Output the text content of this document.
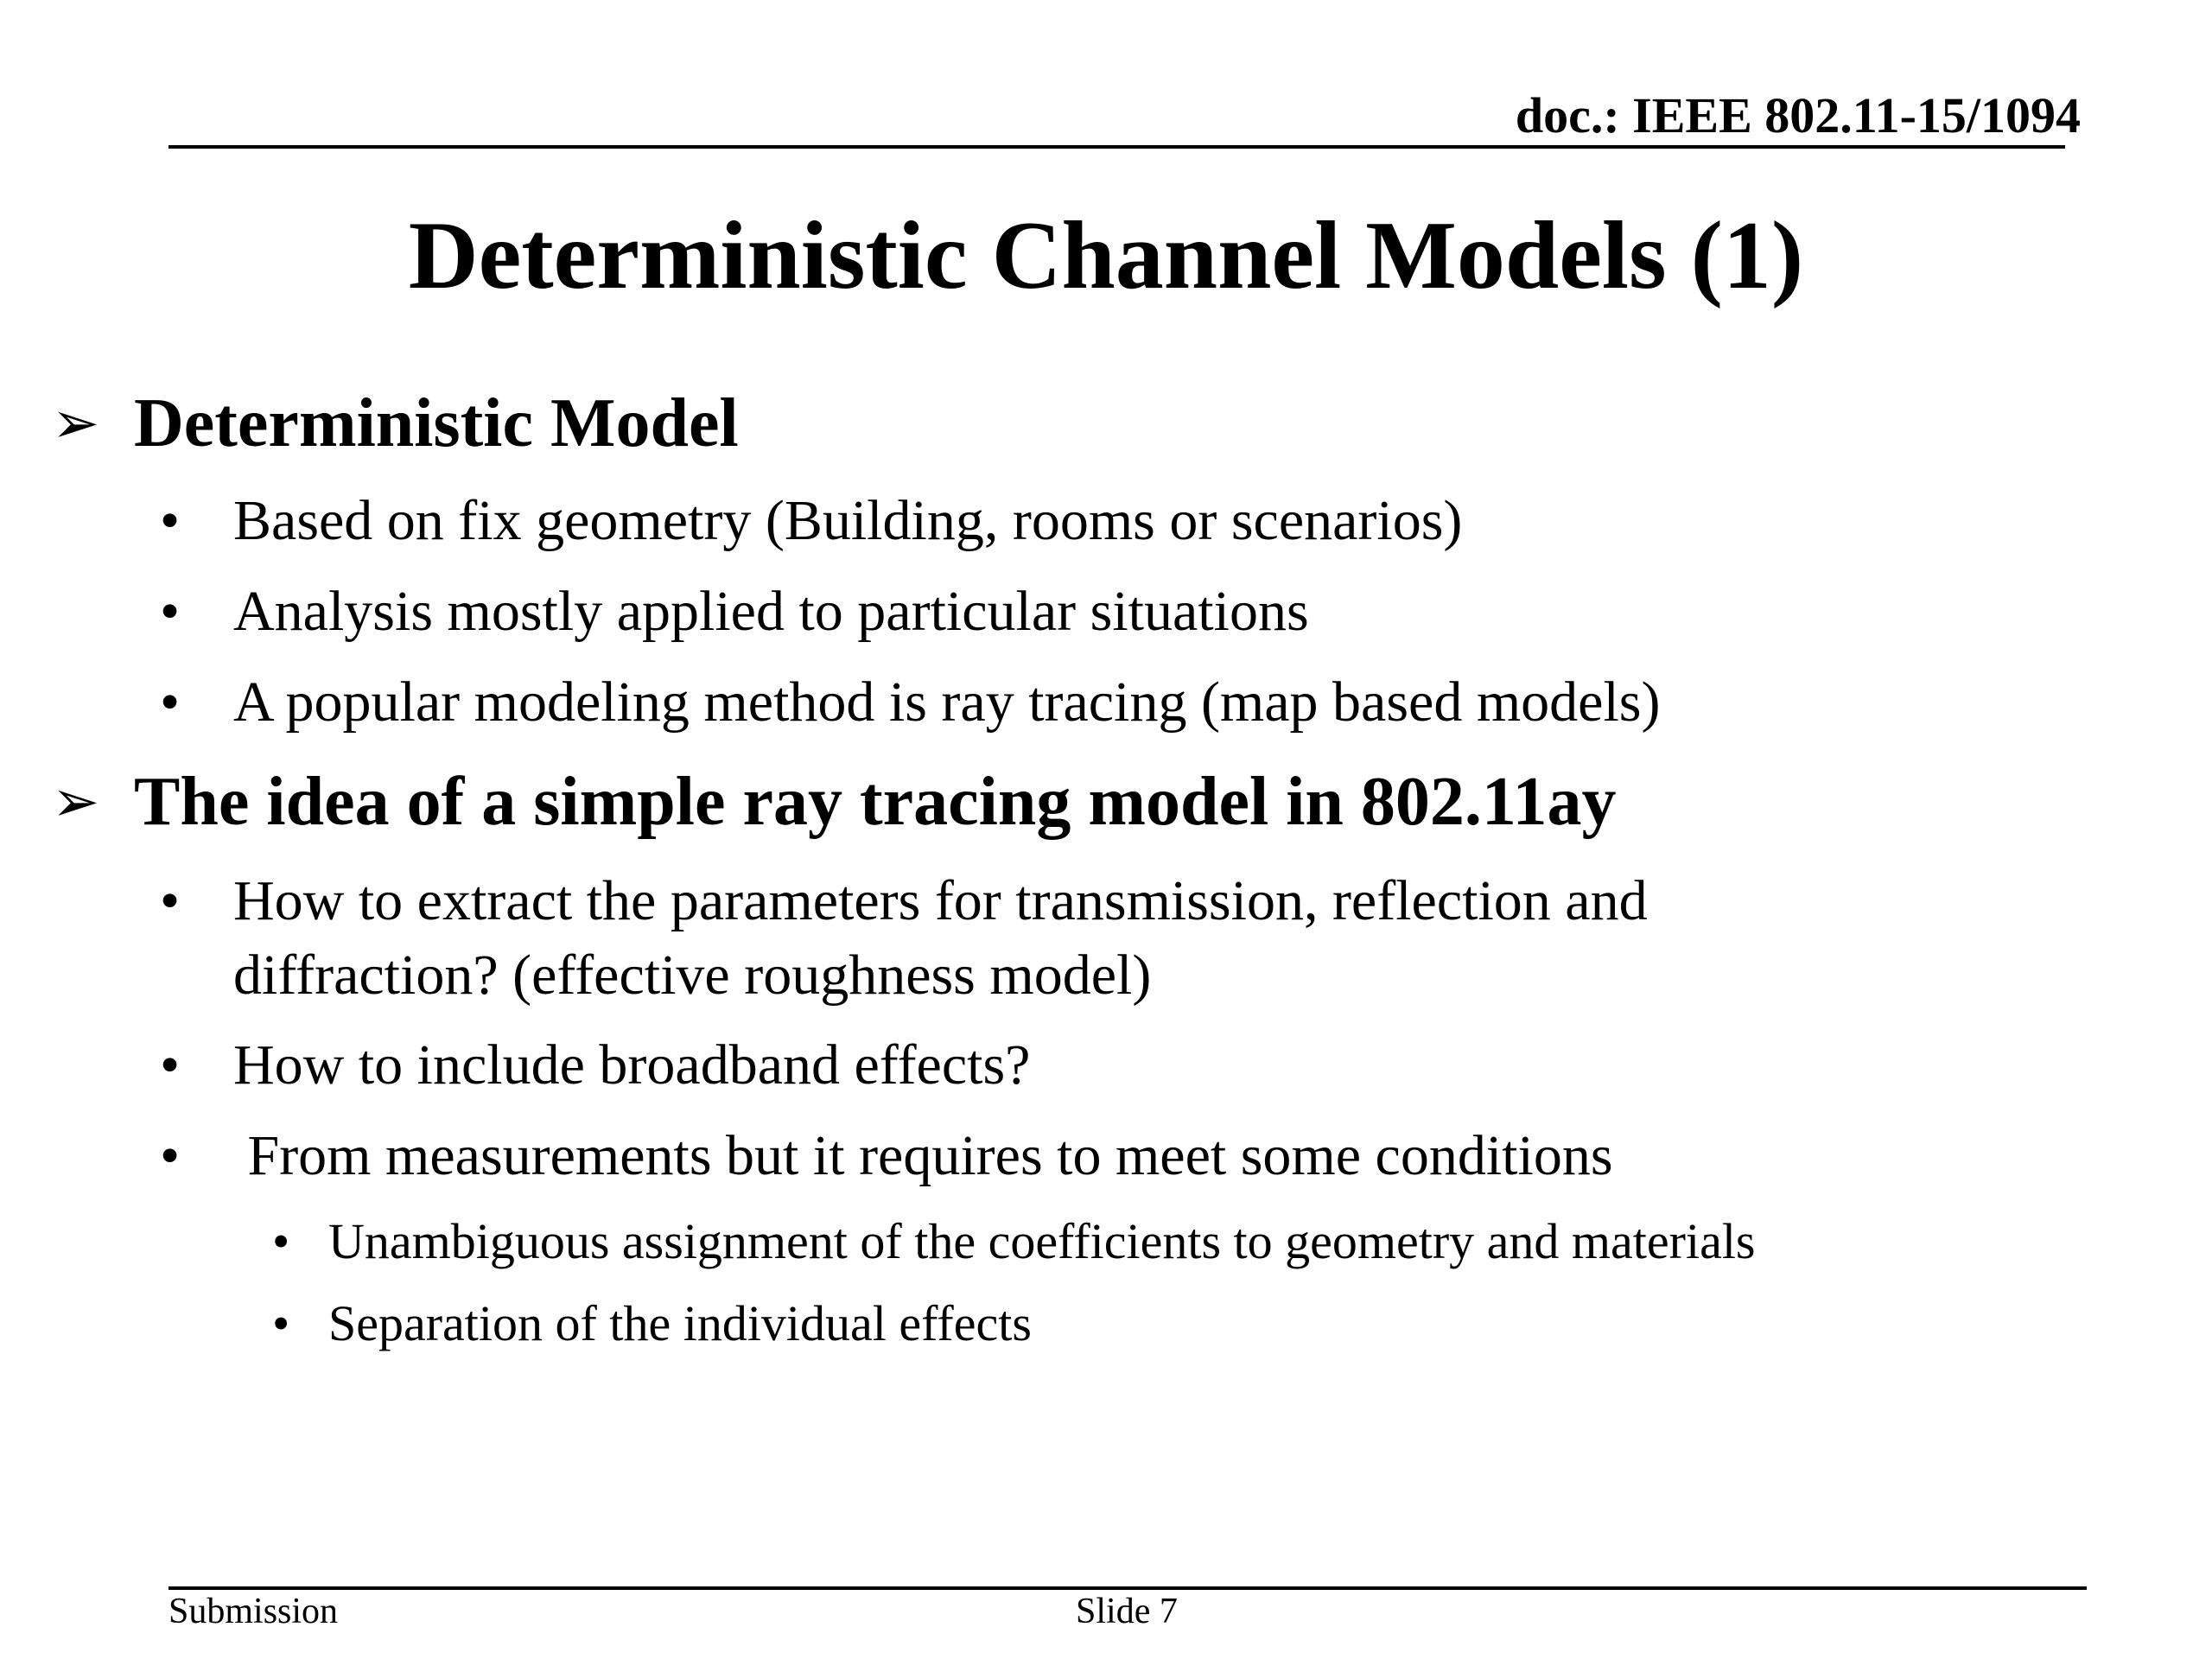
doc.: IEEE 802.11-15/1094
Deterministic Channel Models (1)
➢ Deterministic Model
• Based on fix geometry (Building, rooms or scenarios)
• Analysis mostly applied to particular situations
• A popular modeling method is ray tracing (map based models)
➢ The idea of a simple ray tracing model in 802.11ay
• How to extract the parameters for transmission, reflection and diffraction? (effective roughness model)
• How to include broadband effects?
• From measurements but it requires to meet some conditions
• Unambiguous assignment of the coefficients to geometry and materials
• Separation of the individual effects
Submission	Slide 7
